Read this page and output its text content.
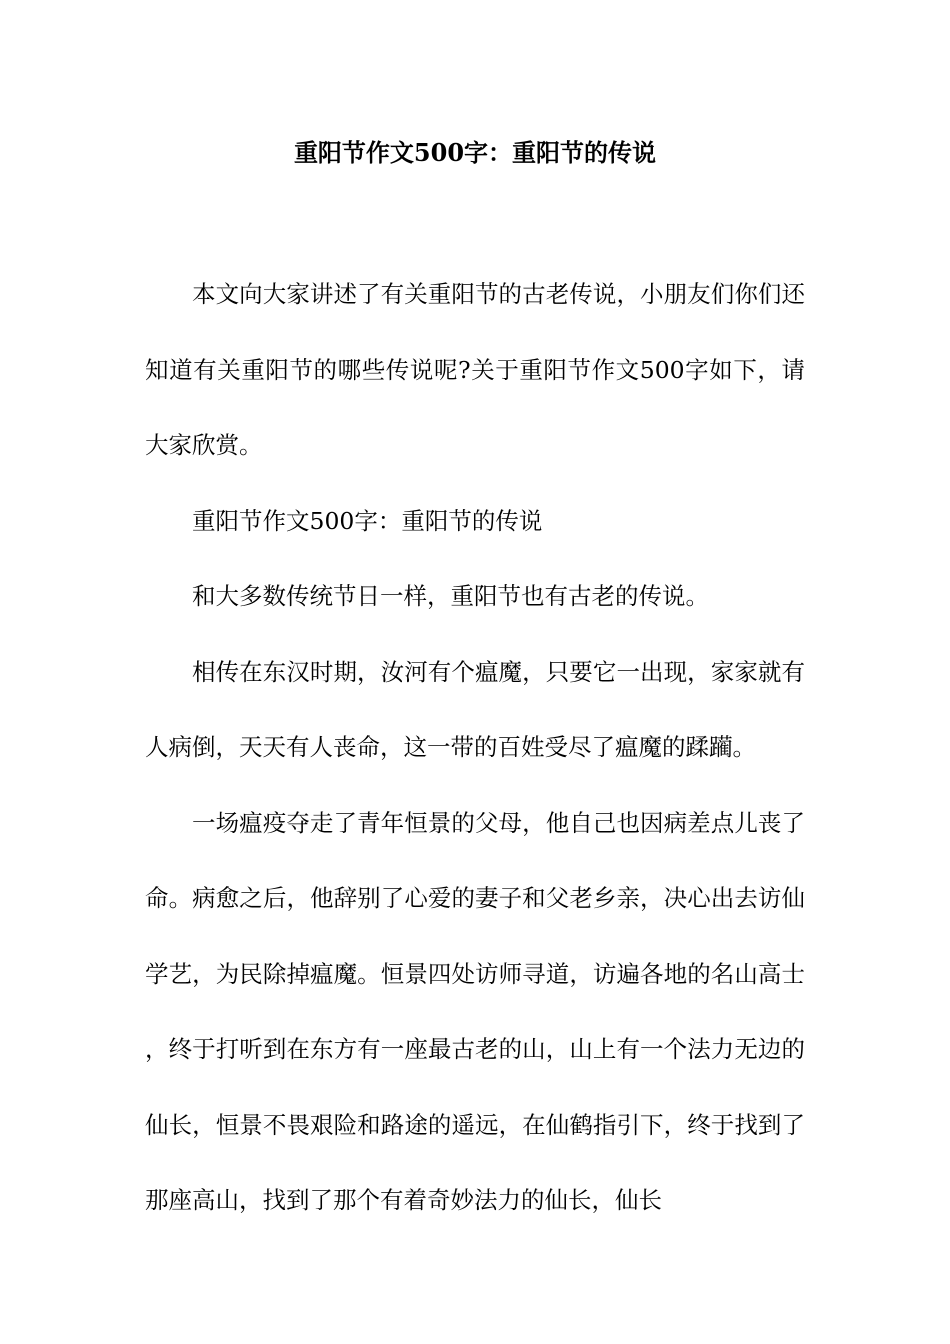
重阳节作文500字：重阳节的传说

本文向大家讲述了有关重阳节的古老传说，小朋友们你们还知道有关重阳节的哪些传说呢?关于重阳节作文500字如下，请大家欣赏。

重阳节作文500字：重阳节的传说

和大多数传统节日一样，重阳节也有古老的传说。

相传在东汉时期，汝河有个瘟魔，只要它一出现，家家就有人病倒，天天有人丧命，这一带的百姓受尽了瘟魔的蹂躏。

一场瘟疫夺走了青年恒景的父母，他自己也因病差点儿丧了命。病愈之后，他辞别了心爱的妻子和父老乡亲，决心出去访仙学艺，为民除掉瘟魔。恒景四处访师寻道，访遍各地的名山高士，终于打听到在东方有一座最古老的山，山上有一个法力无边的仙长，恒景不畏艰险和路途的遥远，在仙鹤指引下，终于找到了那座高山，找到了那个有着奇妙法力的仙长，仙长
